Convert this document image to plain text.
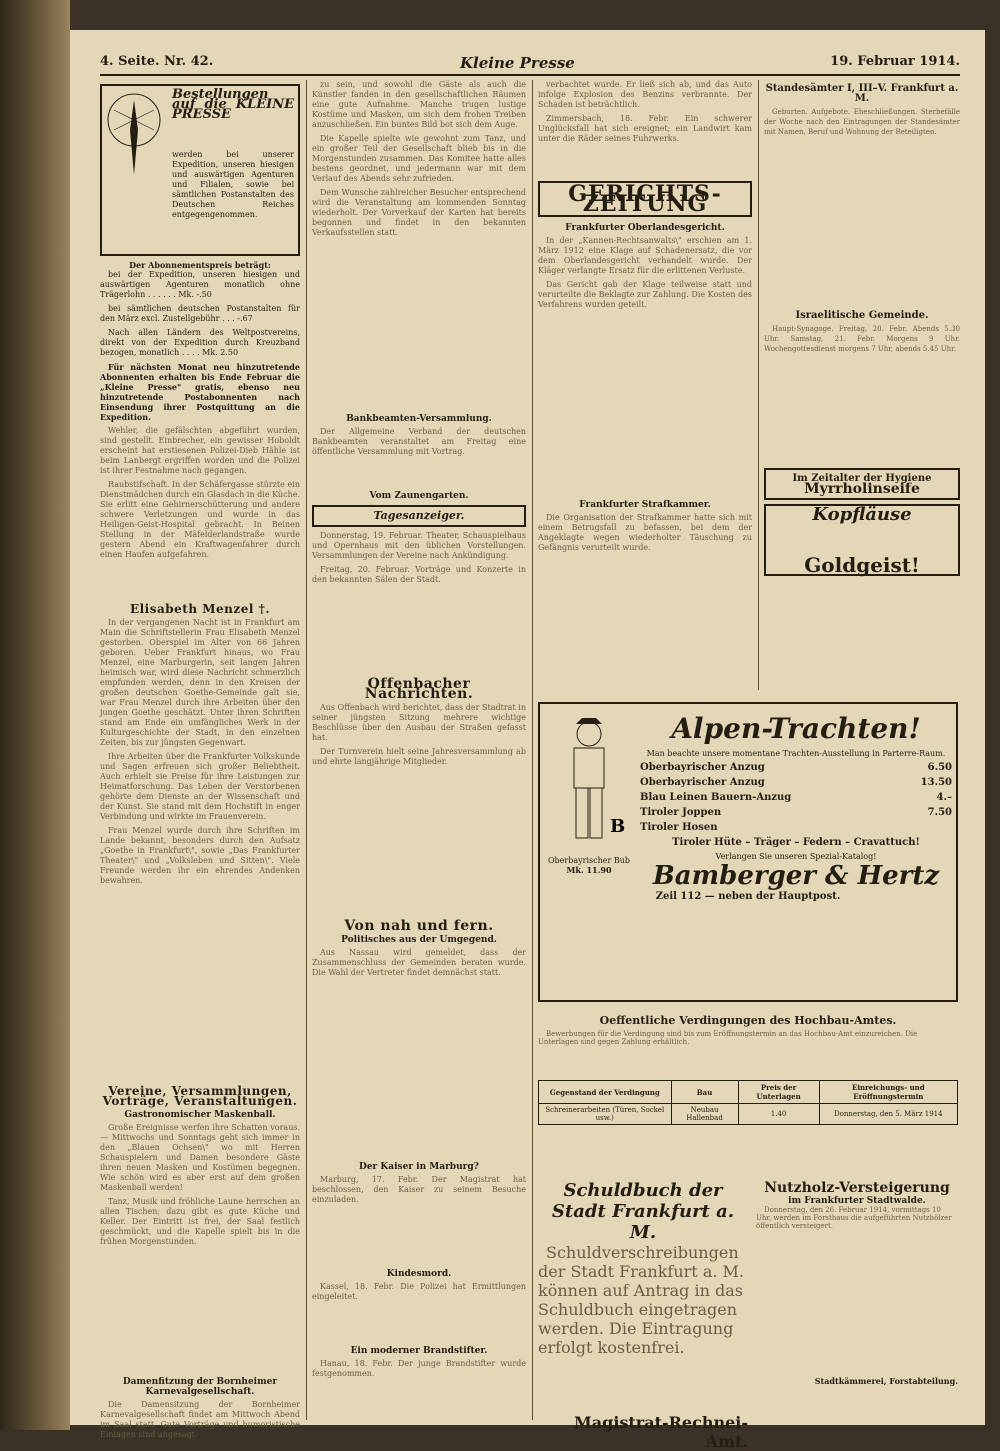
4. Seite. Nr. 42.	Kleine Presse	19. Februar 1914.
Bestellungen auf die KLEINE PRESSE
werden bei unserer Expedition, unseren hiesigen und auswärtigen Agenturen und Filialen, sowie bei sämtlichen Postanstalten des Deutschen Reiches entgegengenommen.
Der Abonnementspreis beträgt:

bei der Expedition, unseren hiesigen und auswärtigen Agenturen monatlich ohne Trägerlohn . . . . . . Mk. -.50

bei sämtlichen deutschen Postanstalten für den März excl. Zustellgebühr . . . -.67

Nach allen Ländern des Weltpostvereins, direkt von der Expedition durch Kreuzband bezogen, monatlich . . . . Mk. 2.50

Für nächsten Monat neu hinzutretende Abonnenten erhalten bis Ende Februar die „Kleine Presse" gratis, ebenso neu hinzutretende Postabonnenten nach Einsendung ihrer Postquittung an die Expedition.

Wehler, die gefälschten abgeführt wurden, sind gestellt. Einbrecher, ein gewisser Hoboldt erscheint hat erstiesenen Polizei-Dieb Hähle ist beim Lanbergt ergriffen worden und die Polizei ist ihrer Festnahme nach gegangen.

Raubstifschaft. In der Schäfergasse stürzte ein Dienstmädchen durch ein Glasdach in die Küche. Sie erlitt eine Gehirnerschütterung und andere schwere Verletzungen und wurde in das Heiligen-Geist-Hospital gebracht. In Beinen Stellung in der Mäfelderlandstraße wurde gestern Abend ein Kraftwagenfahrer durch einen Haufen aufgefahren.

Elisabeth Menzel †.

In der vergangenen Nacht ist in Frankfurt am Main die Schriftstellerin Frau Elisabeth Menzel gestorben. Oberspiel im Alter von 66 Jahren geboren. Ueber Frankfurt hinaus, wo Frau Menzel, eine Marburgerin, seit langen Jahren heimisch war, wird diese Nachricht schmerzlich empfunden werden, denn in den Kreisen der großen deutschen Goethe-Gemeinde galt sie, war Frau Menzel durch ihre Arbeiten über den jungen Goethe geschätzt. Unter ihren Schriften stand am Ende ein umfängliches Werk in der Kulturgeschichte der Stadt, in den einzelnen Zeiten, bis zur jüngsten Gegenwart.

Ihre Arbeiten über die Frankfurter Volkskunde und Sagen erfreuen sich großer Beliebtheit. Auch erhielt sie Preise für ihre Leistungen zur Heimatforschung. Das Leben der Verstorbenen gehörte dem Dienste an der Wissenschaft und der Kunst. Sie stand mit dem Hochstift in enger Verbindung und wirkte im Frauenverein.

Frau Menzel wurde durch ihre Schriften im Lande bekannt, besonders durch den Aufsatz „Goethe in Frankfurt\", sowie „Das Frankfurter Theater\" und „Volksleben und Sitten\". Viele Freunde werden ihr ein ehrendes Andenken bewahren.

Vereine, Versammlungen, Vorträge, Veranstaltungen.
Gastronomischer Maskenball.

Große Ereignisse werfen ihre Schatten voraus. — Mittwochs und Sonntags geht sich immer in den „Blauen Ochsen\" wo mit Herren Schauspielern und Damen besondere Gäste ihren neuen Masken und Kostümen begegnen. Wie schön wird es aber erst auf dem großen Maskenball werden!

Tanz, Musik und fröhliche Laune herrschen an allen Tischen; dazu gibt es gute Küche und Keller. Der Eintritt ist frei, der Saal festlich geschmückt, und die Kapelle spielt bis in die frühen Morgenstunden.

Damenfitzung der Bornheimer Karnevalgesellschaft.

Die Damensitzung der Bornheimer Karnevalgesellschaft findet am Mittwoch Abend im Saal statt. Gute Vorträge und humoristische Einlagen sind angesagt.

zu sein, und sowohl die Gäste als auch die Künstler fanden in den gesellschaftlichen Räumen eine gute Aufnahme. Manche trugen lustige Kostüme und Masken, um sich dem frohen Treiben anzuschließen. Ein buntes Bild bot sich dem Auge.

Die Kapelle spielte wie gewohnt zum Tanz, und ein großer Teil der Gesellschaft blieb bis in die Morgenstunden zusammen. Das Komitee hatte alles bestens geordnet, und jedermann war mit dem Verlauf des Abends sehr zufrieden.

Dem Wunsche zahlreicher Besucher entsprechend wird die Veranstaltung am kommenden Sonntag wiederholt. Der Vorverkauf der Karten hat bereits begonnen und findet in den bekannten Verkaufsstellen statt.

Bankbeamten-Versammlung.

Der Allgemeine Verband der deutschen Bankbeamten veranstaltet am Freitag eine öffentliche Versammlung mit Vortrag.

Vom Zaunengarten.
Tagesanzeiger.

Donnerstag, 19. Februar. Theater, Schauspielhaus und Opernhaus mit den üblichen Vorstellungen. Versammlungen der Vereine nach Ankündigung.

Freitag, 20. Februar. Vorträge und Konzerte in den bekannten Sälen der Stadt.

Offenbacher Nachrichten.

Aus Offenbach wird berichtet, dass der Stadtrat in seiner jüngsten Sitzung mehrere wichtige Beschlüsse über den Ausbau der Straßen gefasst hat.

Der Turnverein hielt seine Jahresversammlung ab und ehrte langjährige Mitglieder.

Von nah und fern.
Politisches aus der Umgegend.

Aus Nassau wird gemeldet, dass der Zusammenschluss der Gemeinden beraten wurde. Die Wahl der Vertreter findet demnächst statt.

Der Kaiser in Marburg?

Marburg, 17. Febr. Der Magistrat hat beschlossen, den Kaiser zu seinem Besuche einzuladen.

Kindesmord.

Kassel, 18. Febr. Die Polizei hat Ermittlungen eingeleitet.

Ein moderner Brandstifter.

Hanau, 18. Febr. Der junge Brandstifter wurde festgenommen.

verbachtet wurde. Er ließ sich ab, und das Auto infolge Explosion des Benzins verbrannte. Der Schaden ist beträchtlich.

Zimmersbach, 18. Febr. Ein schwerer Unglücksfall hat sich ereignet; ein Landwirt kam unter die Räder seines Fuhrwerks.

GERICHTS-ZEITUNG
Frankfurter Oberlandesgericht.

In der „Kannen-Rechtsanwalts\" erschien am 1. März 1912 eine Klage auf Schadenersatz, die vor dem Oberlandesgericht verhandelt wurde. Der Kläger verlangte Ersatz für die erlittenen Verluste.

Das Gericht gab der Klage teilweise statt und verurteilte die Beklagte zur Zahlung. Die Kosten des Verfahrens wurden geteilt.

Frankfurter Strafkammer.

Die Organisation der Strafkammer hatte sich mit einem Betrugsfall zu befassen, bei dem der Angeklagte wegen wiederholter Täuschung zu Gefängnis verurteilt wurde.

Standesämter I, III–V. Frankfurt a. M.

Geburten. Aufgebote. Eheschließungen. Sterbefälle der Woche nach den Eintragungen der Standesämter mit Namen, Beruf und Wohnung der Beteiligten.

Israelitische Gemeinde.

Haupt-Synagoge. Freitag, 20. Febr. Abends 5.30 Uhr. Samstag, 21. Febr. Morgens 9 Uhr. Wochengottesdienst morgens 7 Uhr, abends 5.45 Uhr.

Im Zeitalter der Hygiene
Myrrholinseife
Kopfläuse
Goldgeist!
B
Oberbayrischer Bub
Mk. 11.90
Alpen-Trachten!
Man beachte unsere momentane Trachten-Ausstellung in Parterre-Raum.
Oberbayrischer Anzug	6.50
Oberbayrischer Anzug	13.50
Blau Leinen Bauern-Anzug	4.–
Tiroler Joppen	7.50
Tiroler Hosen
Tiroler Hüte – Träger – Federn – Cravattuch!
Verlangen Sie unseren Spezial-Katalog!
Bamberger & Hertz
Zeil 112 — neben der Hauptpost.
Oeffentliche Verdingungen des Hochbau-Amtes.

Bewerbungen für die Verdingung sind bis zum Eröffnungstermin an das Hochbau-Amt einzureichen. Die Unterlagen sind gegen Zahlung erhältlich.

Gegenstand der Verdingung	Bau	Preis der Unterlagen	Einreichungs- und Eröffnungstermin
Schreinerarbeiten (Türen, Sockel usw.)	Neubau Hallenbad	1.40	Donnerstag, den 5. März 1914
Schuldbuch der Stadt Frankfurt a. M.

Schuldverschreibungen der Stadt Frankfurt a. M. können auf Antrag in das Schuldbuch eingetragen werden. Die Eintragung erfolgt kostenfrei.

Magistrat-Rechnei-Amt.
Nutzholz-Versteigerung
im Frankfurter Stadtwalde.

Donnerstag, den 26. Februar 1914, vormittags 10 Uhr, werden im Forsthaus die aufgeführten Nutzhölzer öffentlich versteigert.

Stadtkämmerei, Forstabteilung.
